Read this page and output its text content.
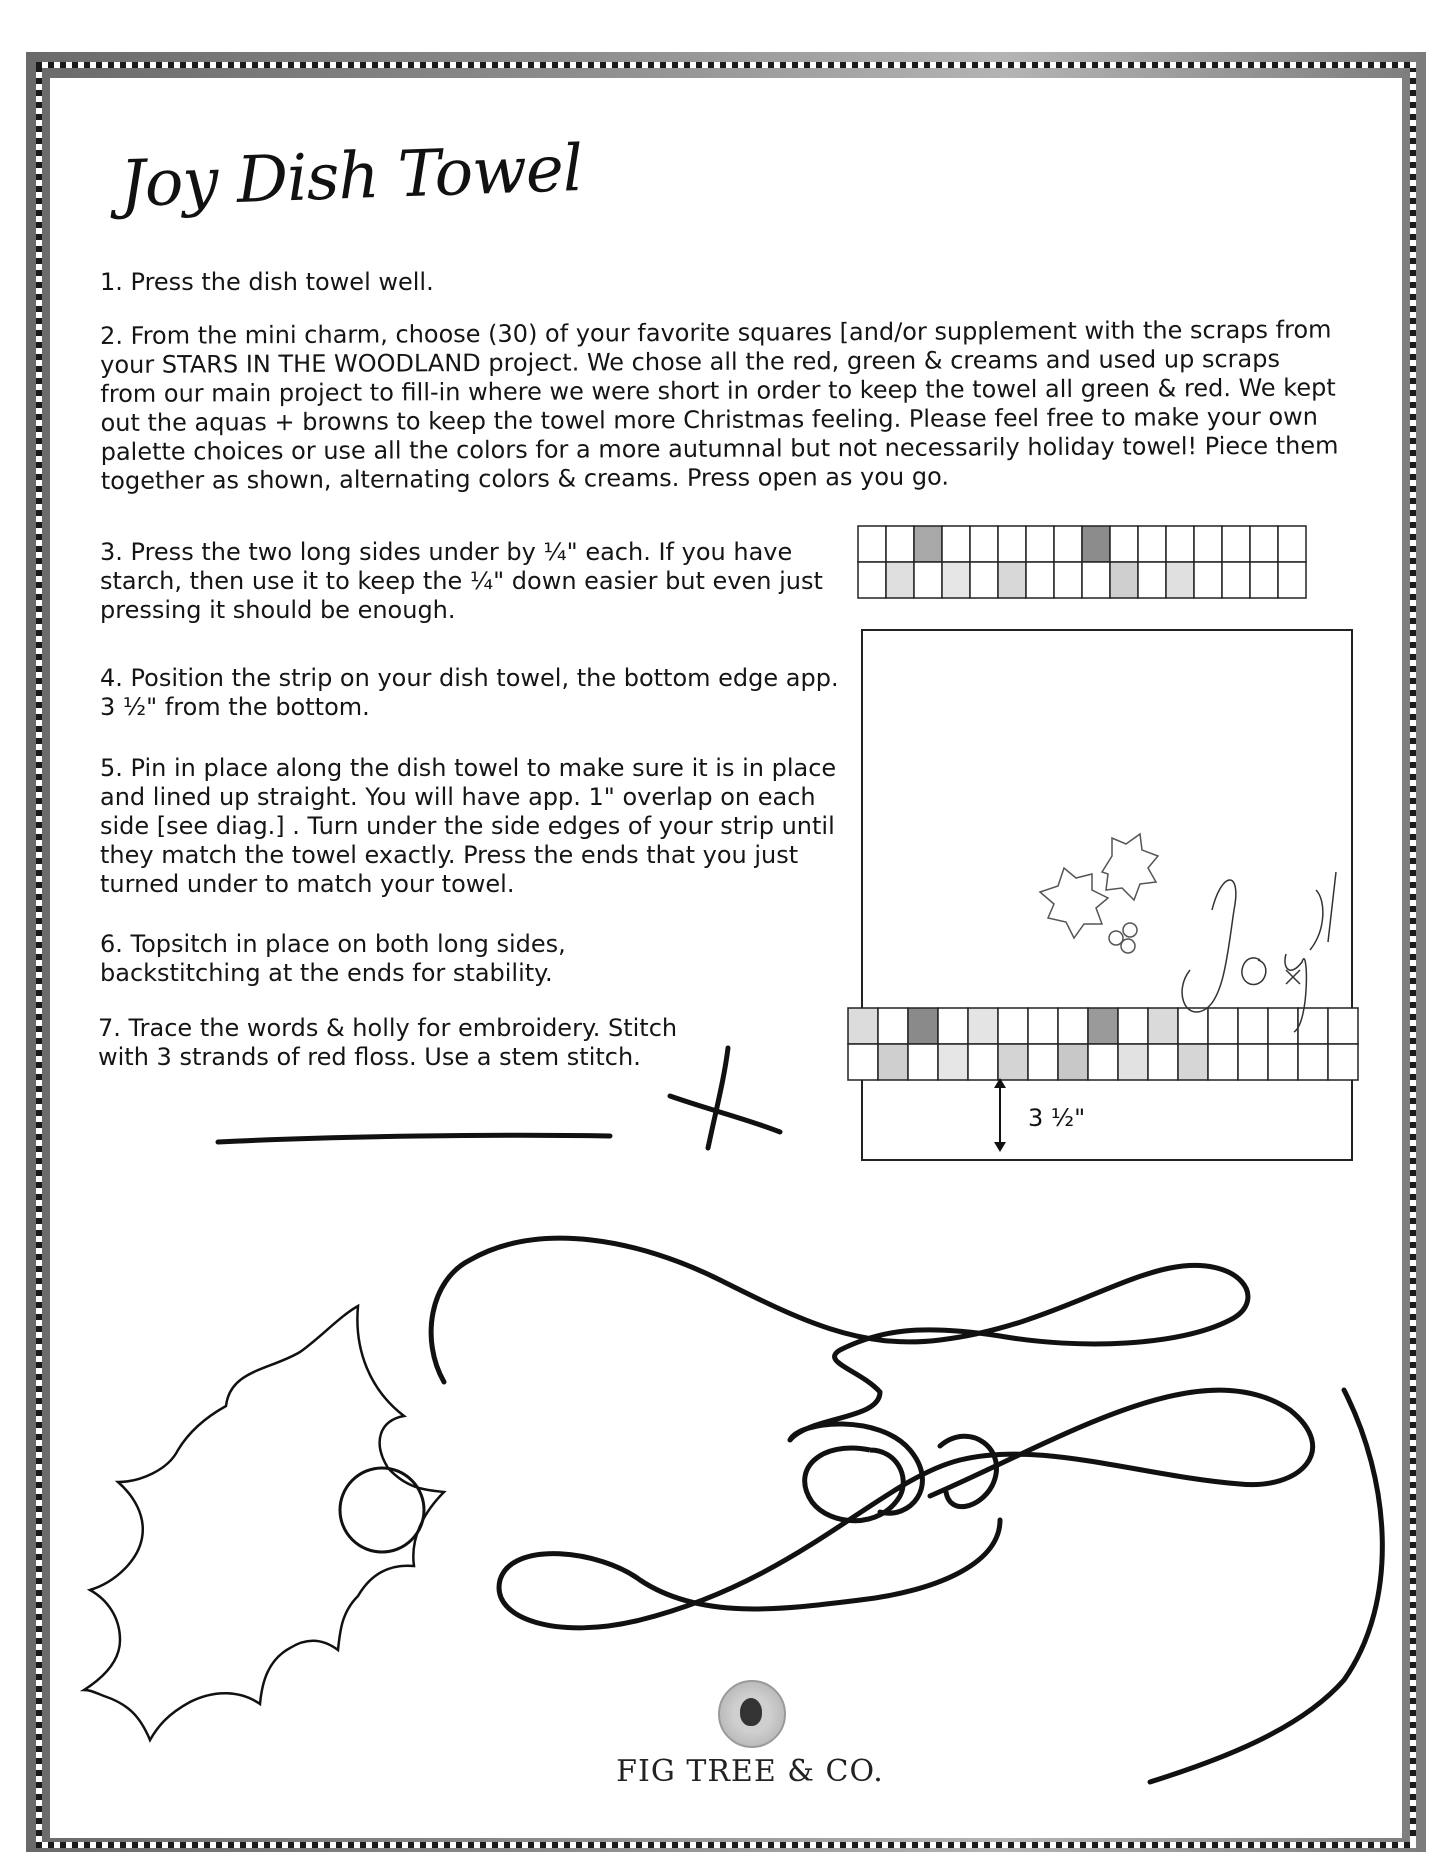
Joy Dish Towel
1. Press the dish towel well.
2. From the mini charm, choose (30) of your favorite squares [and/or supplement with the scraps from your STARS IN THE WOODLAND project. We chose all the red, green & creams and used up scraps from our main project to fill-in where we were short in order to keep the towel all green & red. We kept out the aquas + browns to keep the towel more Christmas feeling. Please feel free to make your own palette choices or use all the colors for a more autumnal but not necessarily holiday towel! Piece them together as shown, alternating colors & creams. Press open as you go.
3. Press the two long sides under by ¼" each. If you have starch, then use it to keep the ¼" down easier but even just pressing it should be enough.
4. Position the strip on your dish towel, the bottom edge app. 3 ½" from the bottom.
5. Pin in place along the dish towel to make sure it is in place and lined up straight. You will have app. 1" overlap on each side [see diag.] . Turn under the side edges of your strip until they match the towel exactly. Press the ends that you just turned under to match your towel.
6. Topsitch in place on both long sides, backstitching at the ends for stability.
7. Trace the words & holly for embroidery. Stitch with 3 strands of red floss. Use a stem stitch.
3 ½"
FIG TREE & CO.
